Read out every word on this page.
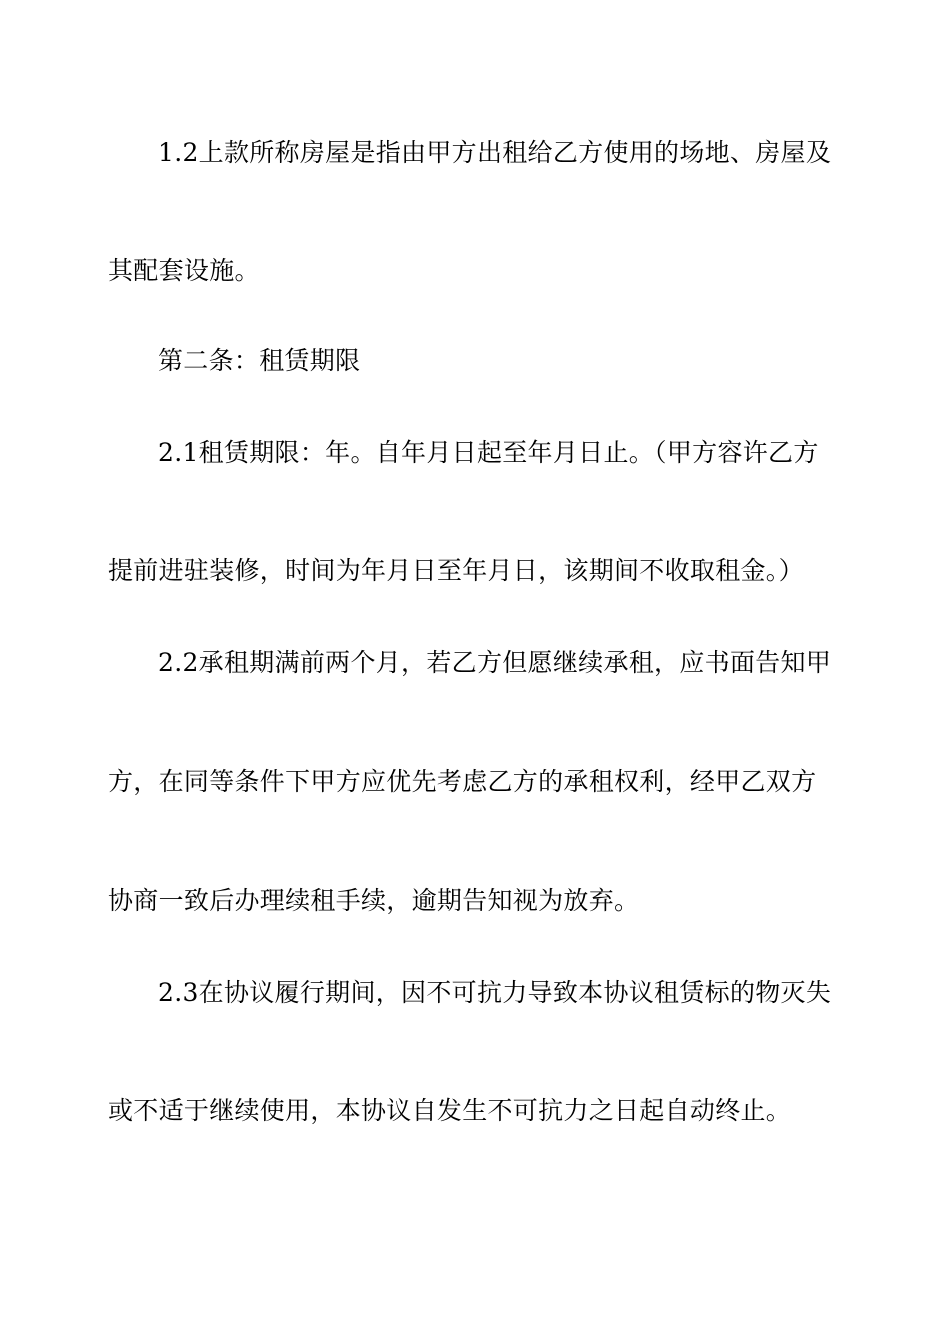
1.2上款所称房屋是指由甲方出租给乙方使用的场地、房屋及
其配套设施。
第二条：租赁期限
2.1租赁期限：年。自年月日起至年月日止。（甲方容许乙方
提前进驻装修，时间为年月日至年月日，该期间不收取租金。）
2.2承租期满前两个月，若乙方但愿继续承租，应书面告知甲
方，在同等条件下甲方应优先考虑乙方的承租权利，经甲乙双方
协商一致后办理续租手续，逾期告知视为放弃。
2.3在协议履行期间，因不可抗力导致本协议租赁标的物灭失
或不适于继续使用，本协议自发生不可抗力之日起自动终止。
